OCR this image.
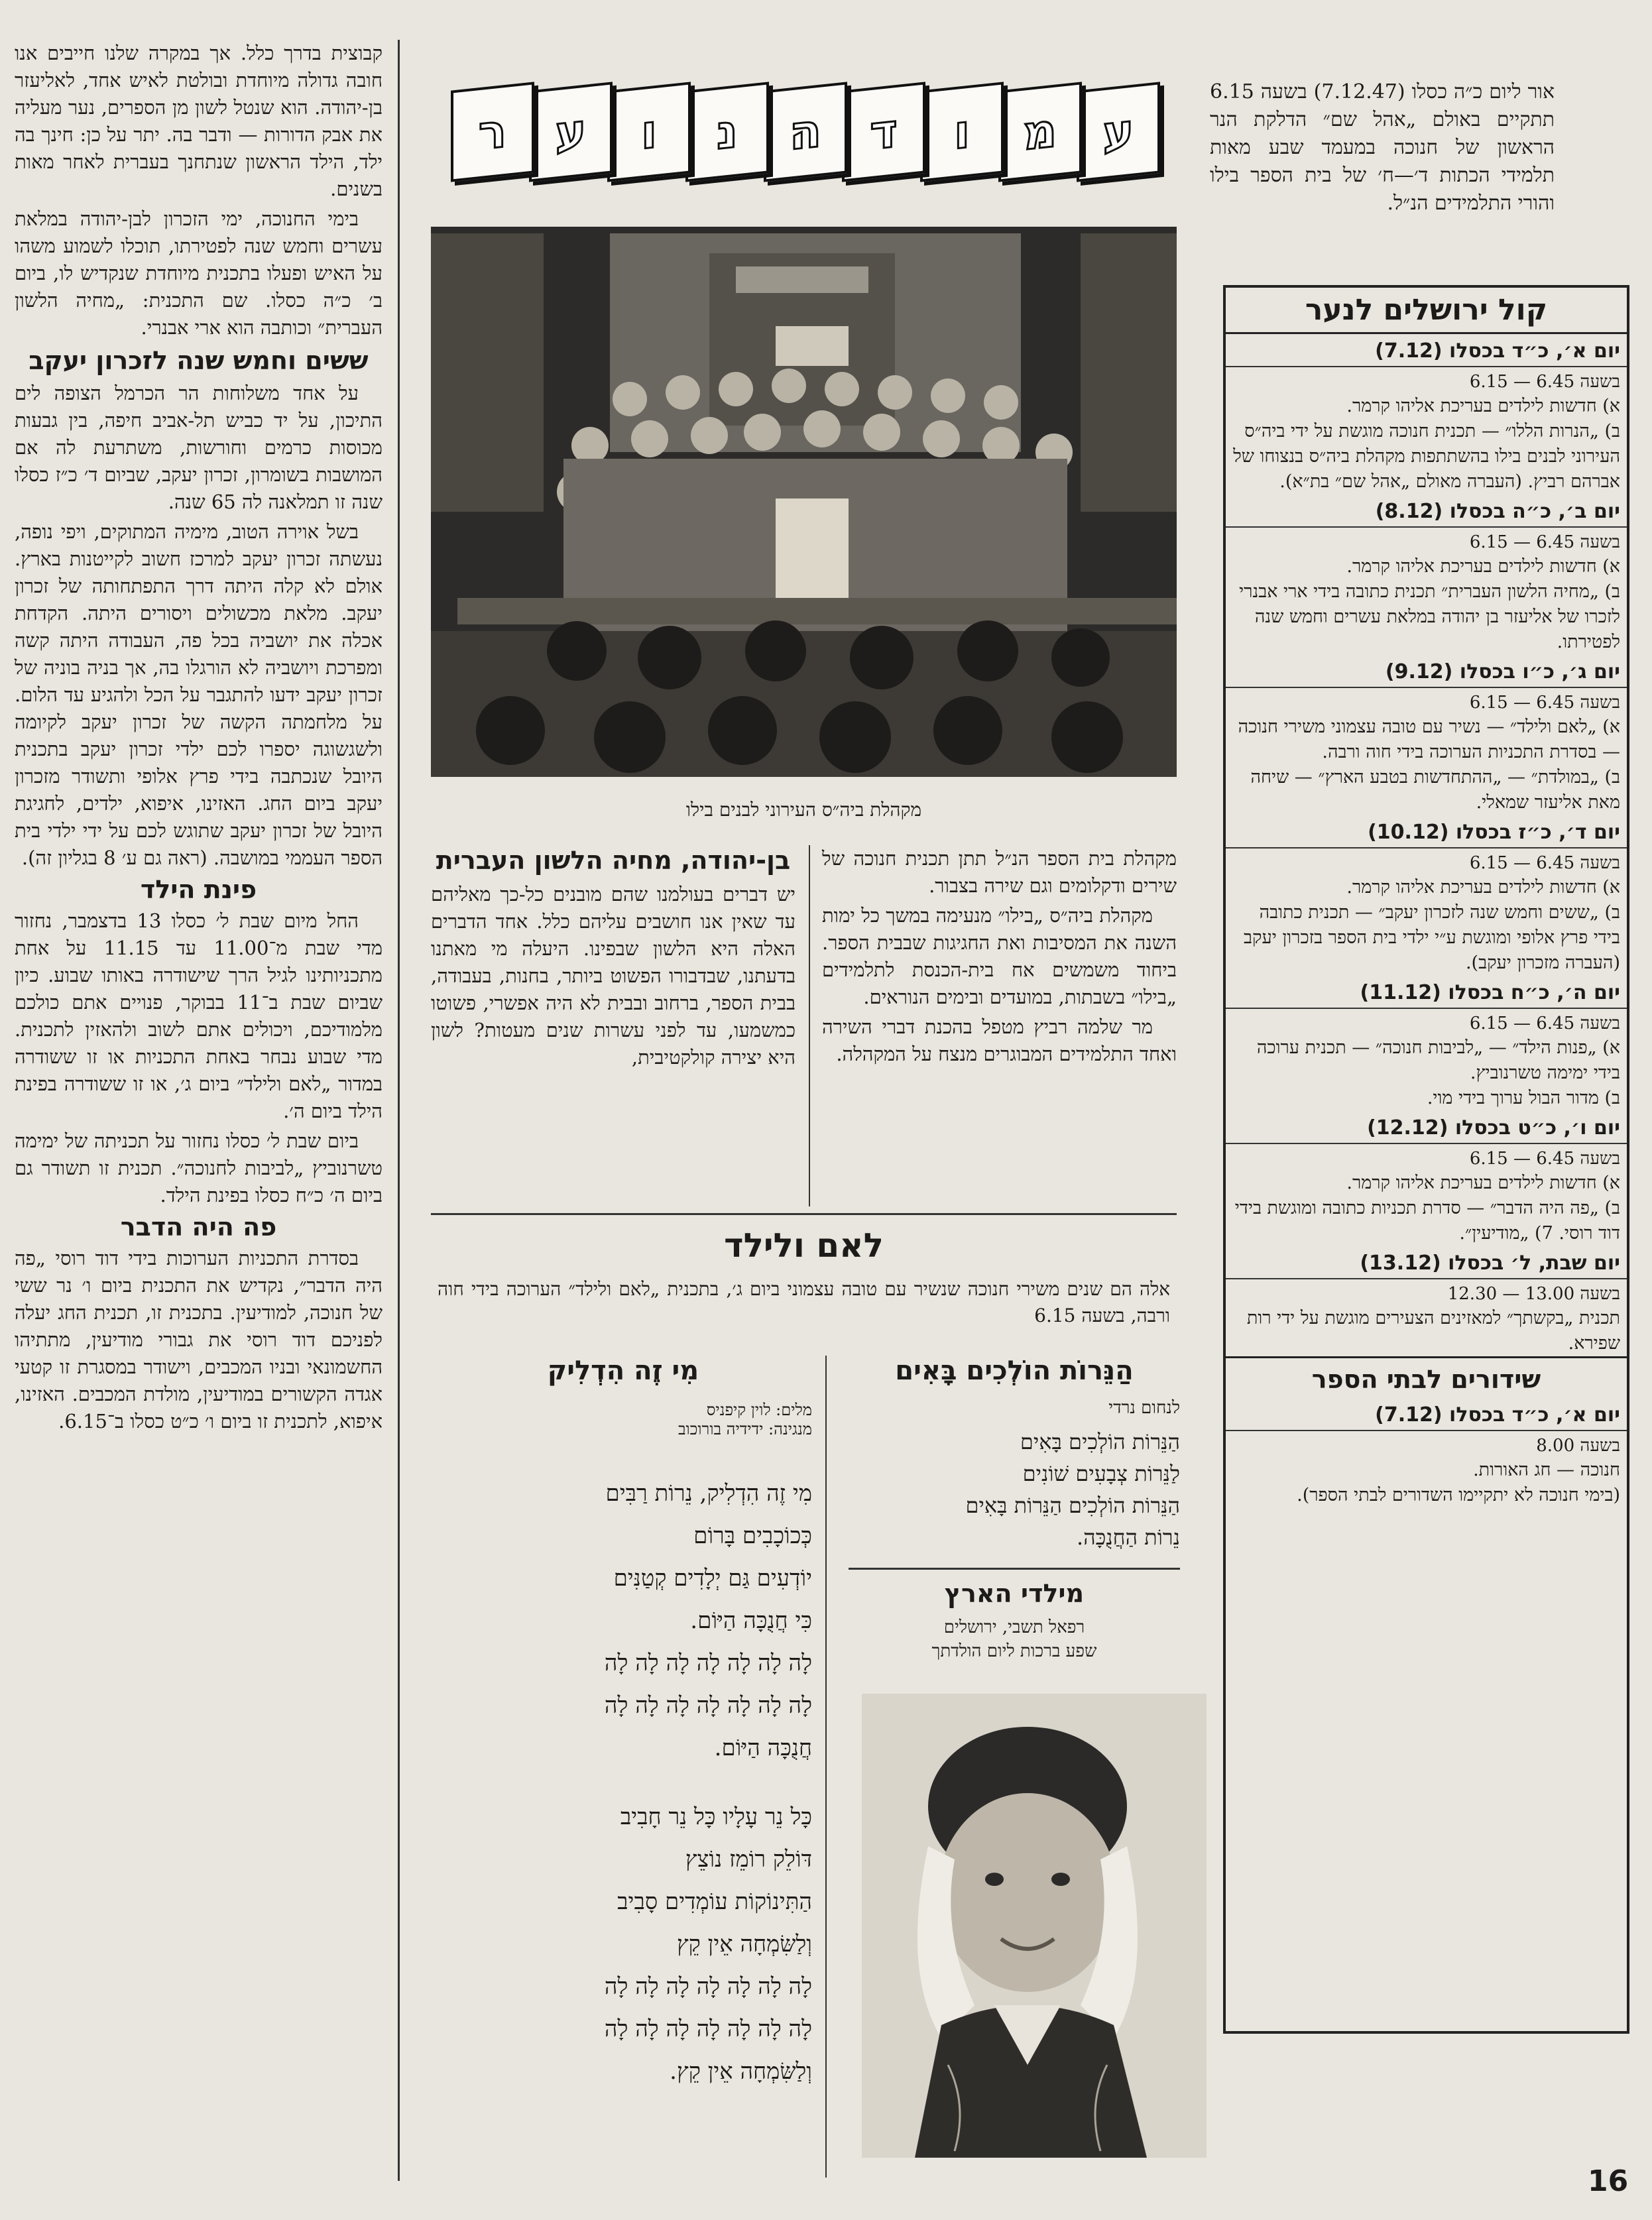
קבוצית בדרך כלל. אך במקרה שלנו חייבים אנו חובה גדולה מיוחדת ובולטת לאיש אחד, לאליעזר בן-יהודה. הוא שנטל לשון מן הספרים, נער מעליה את אבק הדורות — ודבר בה. יתר על כן: חינך בה ילד, הילד הראשון שנתחנך בעברית לאחר מאות בשנים.

בימי החנוכה, ימי הזכרון לבן-יהודה במלאת עשרים וחמש שנה לפטירתו, תוכלו לשמוע משהו על האיש ופעלו בתכנית מיוחדת שנקדיש לו, ביום ב׳ כ״ה כסלו. שם התכנית: „מחיה הלשון העברית״ וכותבה הוא ארי אבנרי.

ששים וחמש שנה לזכרון יעקב

על אחד משלוחות הר הכרמל הצופה לים התיכון, על יד כביש תל-אביב חיפה, בין גבעות מכוסות כרמים וחורשות, משתרעת לה אם המושבות בשומרון, זכרון יעקב, שביום ד׳ כ״ז כסלו שנה זו תמלאנה לה 65 שנה.

בשל אוירה הטוב, מימיה המתוקים, ויפי נופה, נעשתה זכרון יעקב למרכז חשוב לקייטנות בארץ. אולם לא קלה היתה דרך התפתחותה של זכרון יעקב. מלאת מכשולים ויסורים היתה. הקדחת אכלה את יושביה בכל פה, העבודה היתה קשה ומפרכת ויושביה לא הורגלו בה, אך בניה בוניה של זכרון יעקב ידעו להתגבר על הכל ולהגיע עד הלום. על מלחמתה הקשה של זכרון יעקב לקיומה ולשגשוגה יספרו לכם ילדי זכרון יעקב בתכנית היובל שנכתבה בידי פרץ אלופי ותשודר מזכרון יעקב ביום החג. האזינו, איפוא, ילדים, לחגיגת היובל של זכרון יעקב שתוגש לכם על ידי ילדי בית הספר העממי במושבה. (ראה גם ע׳ 8 בגליון זה).

פינת הילד

החל מיום שבת ל׳ כסלו 13 בדצמבר, נחזור מדי שבת מ־11.00 עד 11.15 על אחת מתכניותינו לגיל הרך שישודרה באותו שבוע. כיון שביום שבת ב־11 בבוקר, פנויים אתם כולכם מלמודיכם, ויכולים אתם לשוב ולהאזין לתכנית. מדי שבוע נבחר באחת התכניות או זו ששודרה במדור „לאם ולילד״ ביום ג׳, או זו ששודרה בפינת הילד ביום ה׳.

ביום שבת ל׳ כסלו נחזור על תכניתה של ימימה טשרנוביץ „לביבות לחנוכה״. תכנית זו תשודר גם ביום ה׳ כ״ח כסלו בפינת הילד.

פה היה הדבר

בסדרת התכניות הערוכות בידי דוד רוסי „פה היה הדבר״, נקדיש את התכנית ביום ו׳ נר ששי של חנוכה, למודיעין. בתכנית זו, תכנית החג יעלה לפניכם דוד רוסי את גבורי מודיעין, מתתיהו החשמונאי ובניו המכבים, וישודר במסגרת זו קטעי אגדה הקשורים במודיעין, מולדת המכבים. האזינו, איפוא, לתכנית זו ביום ו׳ כ״ט כסלו ב־6.15.

ע
מ
ו
ד
ה
נ
ו
ע
ר

אור ליום כ״ה כסלו (7.12.47) בשעה 6.15 תתקיים באולם „אהל שם״ הדלקת הנר הראשון של חנוכה במעמד שבע מאות תלמידי הכתות ד׳—ח׳ של בית הספר בילו והורי התלמידים הנ״ל.

קול ירושלים לנער
יום א׳, כ״ד בכסלו (7.12)
בשעה 6.45 — 6.15
א) חדשות לילדים בעריכת אליהו קרמר.
ב) „הנרות הללו״ — תכנית חנוכה מוגשת על ידי ביה״ס העירוני לבנים בילו בהשתתפות מקהלת ביה״ס בנצוחו של אברהם רביץ. (העברה מאולם „אהל שם״ בת״א).
יום ב׳, כ״ה בכסלו (8.12)
בשעה 6.45 — 6.15
א) חדשות לילדים בעריכת אליהו קרמר.
ב) „מחיה הלשון העברית״ תכנית כתובה בידי ארי אבנרי לזכרו של אליעזר בן יהודה במלאת עשרים וחמש שנה לפטירתו.
יום ג׳, כ״ו בכסלו (9.12)
בשעה 6.45 — 6.15
א) „לאם ולילד״ — נשיר עם טובה עצמוני משירי חנוכה — בסדרת התכניות הערוכה בידי חוה ורבה.
ב) „במולדת״ — „ההתחדשות בטבע הארץ״ — שיחה מאת אליעזר שמאלי.
יום ד׳, כ״ז בכסלו (10.12)
בשעה 6.45 — 6.15
א) חדשות לילדים בעריכת אליהו קרמר.
ב) „ששים וחמש שנה לזכרון יעקב״ — תכנית כתובה בידי פרץ אלופי ומוגשת ע״י ילדי בית הספר בזכרון יעקב (העברה מזכרון יעקב).
יום ה׳, כ״ח בכסלו (11.12)
בשעה 6.45 — 6.15
א) „פנות הילד״ — „לביבות חנוכה״ — תכנית ערוכה בידי ימימה טשרנוביץ.
ב) מדור הבול ערוך בידי מוי.
יום ו׳, כ״ט בכסלו (12.12)
בשעה 6.45 — 6.15
א) חדשות לילדים בעריכת אליהו קרמר.
ב) „פה היה הדבר״ — סדרת תכניות כתובה ומוגשת בידי דוד רוסי. 7) „מודיעין״.
יום שבת, ל׳ בכסלו (13.12)
בשעה 13.00 — 12.30
תכנית „בקשתך״ למאזינים הצעירים מוגשת על ידי רות שפירא.
שידורים לבתי הספר
יום א׳, כ״ד בכסלו (7.12)
בשעה 8.00
חנוכה — חג האורות.
(בימי חנוכה לא יתקיימו השדורים לבתי הספר).
מקהלת ביה״ס העירוני לבנים בילו

מקהלת בית הספר הנ״ל תתן תכנית חנוכה של שירים ודקלומים וגם שירה בצבור.

מקהלת ביה״ס „בילו״ מנעימה במשך כל ימות השנה את המסיבות ואת החגיגות שבבית הספר. ביחוד משמשים אח בית-הכנסת לתלמידים „בילו״ בשבתות, במועדים ובימים הנוראים.

מר שלמה רביץ מטפל בהכנת דברי השירה ואחד התלמידים המבוגרים מנצח על המקהלה.

בן-יהודה, מחיה הלשון העברית
יש דברים בעולמנו שהם מובנים כל-כך מאליהם עד שאין אנו חושבים עליהם כלל. אחד הדברים האלה היא הלשון שבפינו. היעלה מי מאתנו בדעתנו, שבדבורו הפשוט ביותר, בחנות, בעבודה, בבית הספר, ברחוב ובבית לא היה אפשרי, פשוטו כמשמעו, עד לפני עשרות שנים מעטות? לשון היא יצירה קולקטיבית,
לאם ולילד
אלה הם שנים משירי חנוכה שנשיר עם טובה עצמוני ביום ג׳, בתכנית „לאם ולילד״ הערוכה בידי חוה ורבה, בשעה 6.15
הַנֵּרוֹת הוֹלְכִים בָּאִים
לנחום נרדי
הַנֵּרוֹת הוֹלְכִים בָּאִים
לַנֵּרוֹת צְבָעִים שׁוֹנִים
הַנֵּרוֹת הוֹלְכִים הַנֵּרוֹת בָּאִים
נֵרוֹת הַחֲנֻכָּה.
מילדי הארץ
רפאל תשבי, ירושלים
שפע ברכות ליום הולדתך
מִי זֶה הִדְלִיק
מלים: לוין קיפניס
מנגינה: ידידיה בורוכוב
מִי זֶה הִדְלִיק, נֵרוֹת רַבִּים
כְּכוֹכָבִים בָּרוֹם
יוֹדְעִים גַּם יְלָדִים קְטַנִּים
כִּי חֲנֻכָּה הַיּוֹם.
לָה לָה לָה לָה לָה לָה לָה
לָה לָה לָה לָה לָה לָה לָה
חֲנֻכָּה הַיּוֹם.
כָּל נֵר עָלָיו כָּל נֵר חָבִיב
דּוֹלֵק רוֹמֵז נוֹצֵץ
הַתִּינוֹקוֹת עוֹמְדִים סָבִיב
וְלַשִּׂמְחָה אֵין קֵץ
לָה לָה לָה לָה לָה לָה לָה
לָה לָה לָה לָה לָה לָה לָה
וְלַשִּׂמְחָה אֵין קֵץ.
16
